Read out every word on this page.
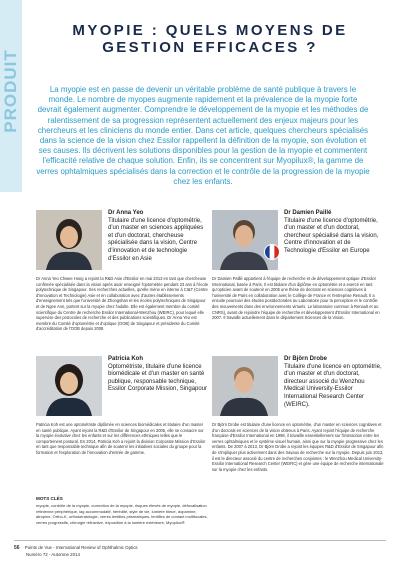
PRODUIT
MYOPIE : QUELS MOYENS DE GESTION EFFICACES ?
La myopie est en passe de devenir un véritable problème de santé publique à travers le monde. Le nombre de myopes augmente rapidement et la prévalence de la myopie forte devrait également augmenter. Comprendre le développement de la myopie et les méthodes de ralentissement de sa progression représentent actuellement des enjeux majeurs pour les chercheurs et les cliniciens du monde entier. Dans cet article, quelques chercheurs spécialisés dans la science de la vision chez Essilor rappellent la définition de la myopie, son évolution et ses causes. Ils décrivent les solutions disponibles pour la gestion de la myopie et commentent l'efficacité relative de chaque solution. Enfin, ils se concentrent sur Myopilux®, la gamme de verres ophtalmiques spécialisés dans la correction et le contrôle de la progression de la myopie chez les enfants.
Dr Anna Yeo
Titulaire d'une licence d'optométrie, d'un master en sciences appliquées et d'un doctorat, chercheuse spécialisée dans la vision, Centre d'innovation et de technologie d'Essilor en Asie
Dr Anna Yeo Chwee Hong a rejoint la R&D Asie d'Essilor en mai 2013 en tant que chercheuse confirmée spécialisée dans la vision après avoir enseigné l'optométrie pendant 23 ans à l'école polytechnique de Singapour. Ses recherches actuelles, qu'elle mène en interne à CI&T (Centre d'innovation et Technologie) Asie et en collaboration avec d'autres établissements d'enseignement tels que l'université de Zhongshan et les écoles polytechniques de Singapour et de Ngee Ann, portent sur la myopie chez l'adulte. Elle est également membre du comité scientifique du Centre de recherche Essilor International-Wenzhou (WEIRC), pour lequel elle supervise des protocoles de recherche et des publications scientifiques. Dr Anna Yeo est membre du Comité d'optométrie et d'optique (OOB) de Singapour et présidente du Comité d'accréditation de l'OOB depuis 2008.
Dr Damien Paillé
Titulaire d'une licence d'optométrie, d'un master et d'un doctorat, chercheur spécialisé dans la vision, Centre d'innovation et de Technologie d'Essilor en Europe
Dr Damien Paillé appartient à l'équipe de recherche et de développement optique d'Essilor International, basée à Paris. Il est titulaire d'un diplôme en optométrie et a exercé en tant qu'opticien avant de soutenir en 2005 une thèse de doctorat en sciences cognitives à l'université de Paris en collaboration avec le Collège de France et l'entreprise Renault. Il a ensuite poursuivi des études postdoctorales au Laboratoire pour la perception et le contrôle des mouvements dans des environnements virtuels. Le laboratoire commun à Renault et au CNRS), avant de rejoindre l'équipe de recherche et développement d'Essilor International en 2007. Il travaille actuellement dans le département Sciences de la Vision.
Patricia Koh
Optométriste, titulaire d'une licence biomédicale et d'un master en santé publique, responsable technique, Essilor Corporate Mission, Singapour
Patricia Koh est une optométriste diplômée en sciences biomédicales et titulaire d'un master en santé publique. Ayant rejoint la R&D d'Essilor de Singapour en 2005, elle se consacre sur la myopie évolutive chez les enfants et sur les différences ethniques telles que le comportement postural. En 2014, Patricia Koh a rejoint la division Corporate Mission d'Essilor en tant que responsable technique afin de soutenir les initiatives sociales du groupe pour la formation et l'exploration de l'innovation d'entrée de gamme.
Dr Björn Drobe
Titulaire d'une licence en optométrie, d'un master et d'un doctorat, directeur associé du Wenzhou Medical University-Essilor International Research Center (WEIRC).
Dr Björn Drobe est titulaire d'une licence en optométrie, d'un master en sciences cognitives et d'un doctorat en sciences de la vision obtenus à Paris. Ayant rejoint l'équipe de recherche française d'Essilor International en 1998, il travaille essentiellement sur l'interaction entre les verres ophtalmiques et le système visuel humain, ainsi que sur la myopie progressive chez les enfants. De 2007 à 2013, Dr Björn Drobe a rejoint les équipes R&D d'Essilor de Singapour afin de s'impliquer plus activement dans des travaux de recherche sur la myopie. Depuis juin 2013, il est le directeur associé du centre de recherches conjointes : le Wenzhou Medical University-Essilor International Research Center (WEIRC) et gère une équipe de recherche internationale sur la myopie chez les enfants.
MOTS CLÉS
myopie, contrôle de la myopie, correction de la myopie, risques élevés de myopie, défocalisation rétinienne périphérique, lag accommodatif, hérédité, style de vie, lumière bleue, dopamine, atropine, Ortho-K, orthokératologie, verres lentilles prismatiques, lentilles de contact multifocales, verres progressifs, chirurgie réfractive, exposition à la lumière extérieure, Myopilux®
56 Points de Vue - International Review of Ophthalmic Optics
Numéro 72 - Automne 2014
